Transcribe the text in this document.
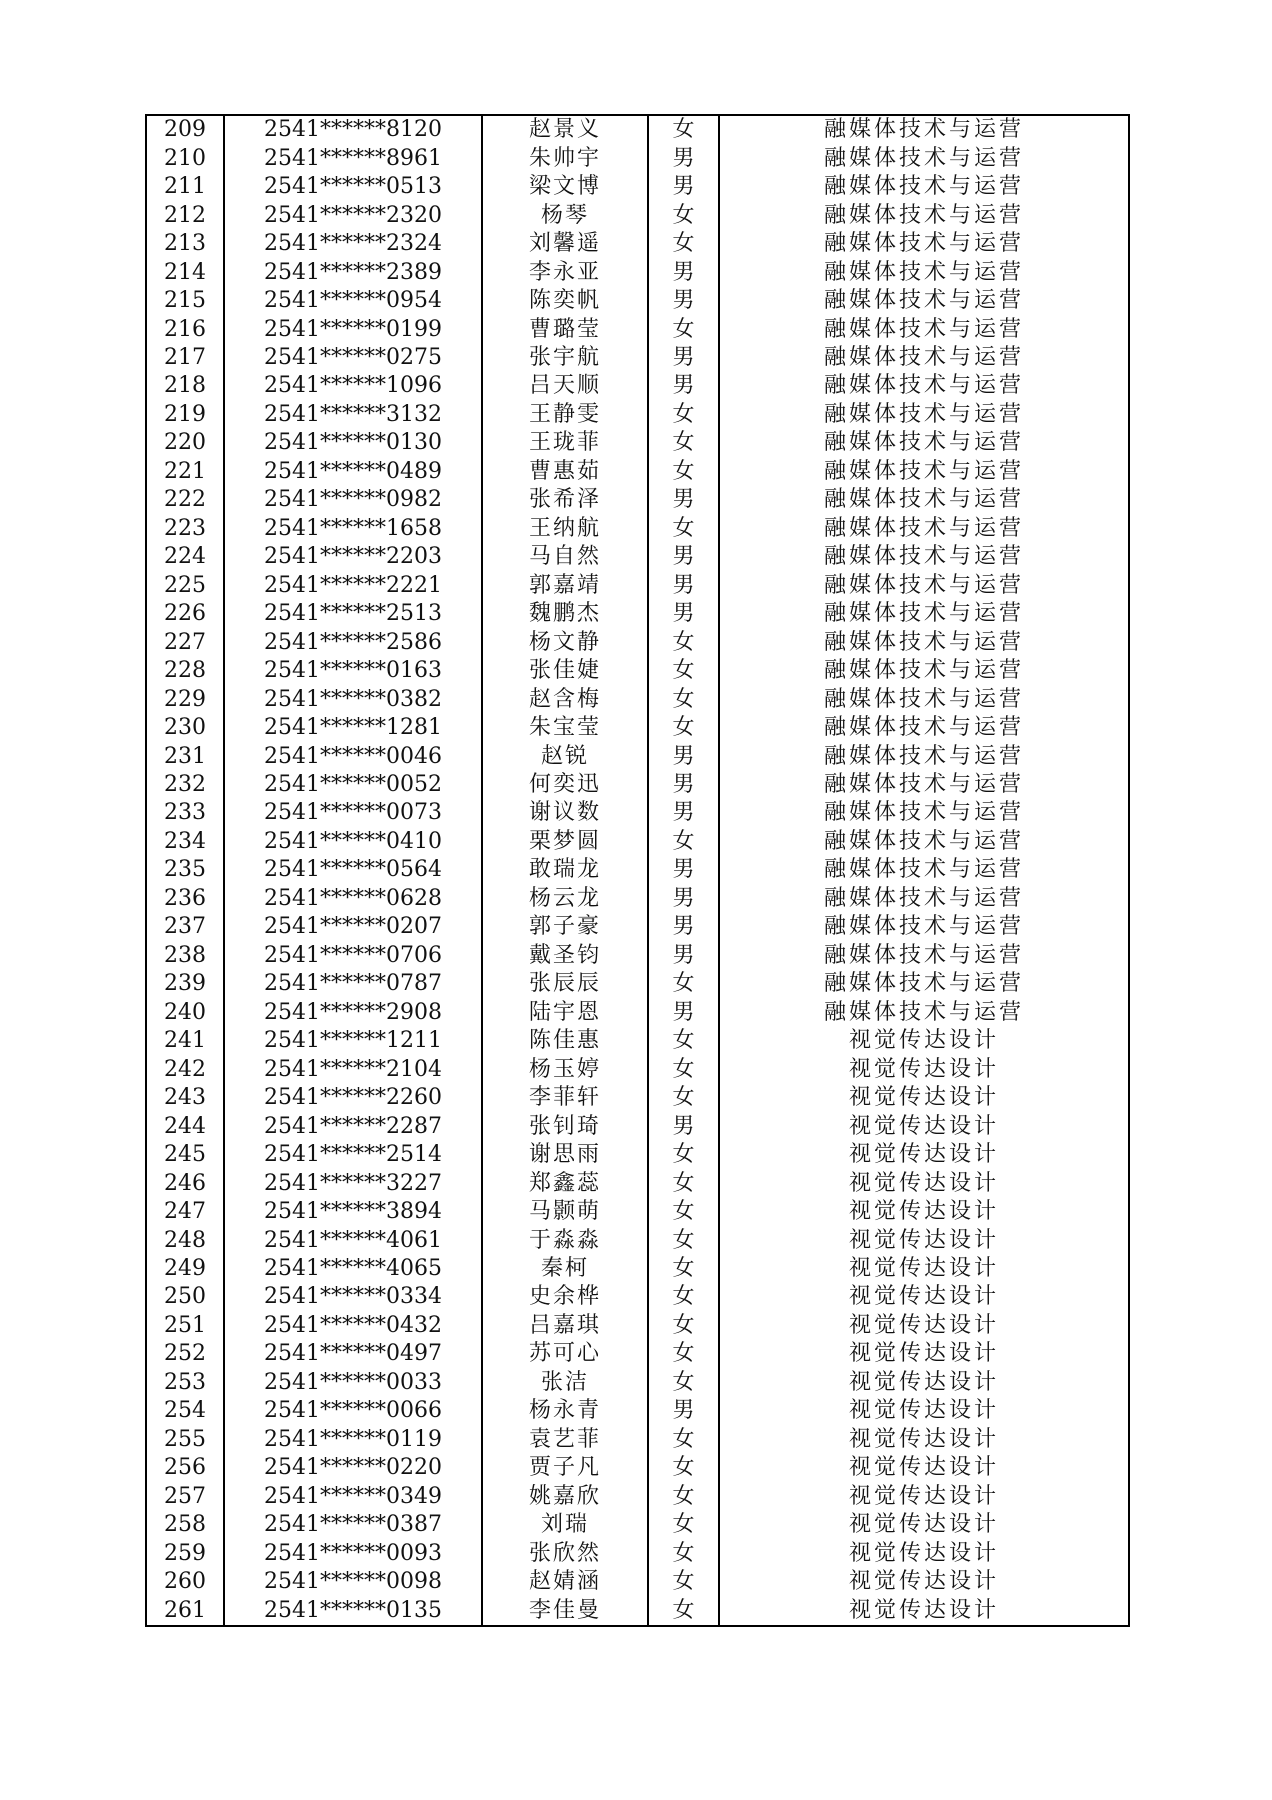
209	2541******8120	赵景义	女	融媒体技术与运营
210	2541******8961	朱帅宇	男	融媒体技术与运营
211	2541******0513	梁文博	男	融媒体技术与运营
212	2541******2320	杨琴	女	融媒体技术与运营
213	2541******2324	刘馨遥	女	融媒体技术与运营
214	2541******2389	李永亚	男	融媒体技术与运营
215	2541******0954	陈奕帆	男	融媒体技术与运营
216	2541******0199	曹璐莹	女	融媒体技术与运营
217	2541******0275	张宇航	男	融媒体技术与运营
218	2541******1096	吕天顺	男	融媒体技术与运营
219	2541******3132	王静雯	女	融媒体技术与运营
220	2541******0130	王珑菲	女	融媒体技术与运营
221	2541******0489	曹惠茹	女	融媒体技术与运营
222	2541******0982	张希泽	男	融媒体技术与运营
223	2541******1658	王纳航	女	融媒体技术与运营
224	2541******2203	马自然	男	融媒体技术与运营
225	2541******2221	郭嘉靖	男	融媒体技术与运营
226	2541******2513	魏鹏杰	男	融媒体技术与运营
227	2541******2586	杨文静	女	融媒体技术与运营
228	2541******0163	张佳婕	女	融媒体技术与运营
229	2541******0382	赵含梅	女	融媒体技术与运营
230	2541******1281	朱宝莹	女	融媒体技术与运营
231	2541******0046	赵锐	男	融媒体技术与运营
232	2541******0052	何奕迅	男	融媒体技术与运营
233	2541******0073	谢议数	男	融媒体技术与运营
234	2541******0410	栗梦圆	女	融媒体技术与运营
235	2541******0564	敢瑞龙	男	融媒体技术与运营
236	2541******0628	杨云龙	男	融媒体技术与运营
237	2541******0207	郭子豪	男	融媒体技术与运营
238	2541******0706	戴圣钧	男	融媒体技术与运营
239	2541******0787	张辰辰	女	融媒体技术与运营
240	2541******2908	陆宇恩	男	融媒体技术与运营
241	2541******1211	陈佳惠	女	视觉传达设计
242	2541******2104	杨玉婷	女	视觉传达设计
243	2541******2260	李菲轩	女	视觉传达设计
244	2541******2287	张钊琦	男	视觉传达设计
245	2541******2514	谢思雨	女	视觉传达设计
246	2541******3227	郑鑫蕊	女	视觉传达设计
247	2541******3894	马颢萌	女	视觉传达设计
248	2541******4061	于淼淼	女	视觉传达设计
249	2541******4065	秦柯	女	视觉传达设计
250	2541******0334	史余桦	女	视觉传达设计
251	2541******0432	吕嘉琪	女	视觉传达设计
252	2541******0497	苏可心	女	视觉传达设计
253	2541******0033	张洁	女	视觉传达设计
254	2541******0066	杨永青	男	视觉传达设计
255	2541******0119	袁艺菲	女	视觉传达设计
256	2541******0220	贾子凡	女	视觉传达设计
257	2541******0349	姚嘉欣	女	视觉传达设计
258	2541******0387	刘瑞	女	视觉传达设计
259	2541******0093	张欣然	女	视觉传达设计
260	2541******0098	赵婧涵	女	视觉传达设计
261	2541******0135	李佳曼	女	视觉传达设计
